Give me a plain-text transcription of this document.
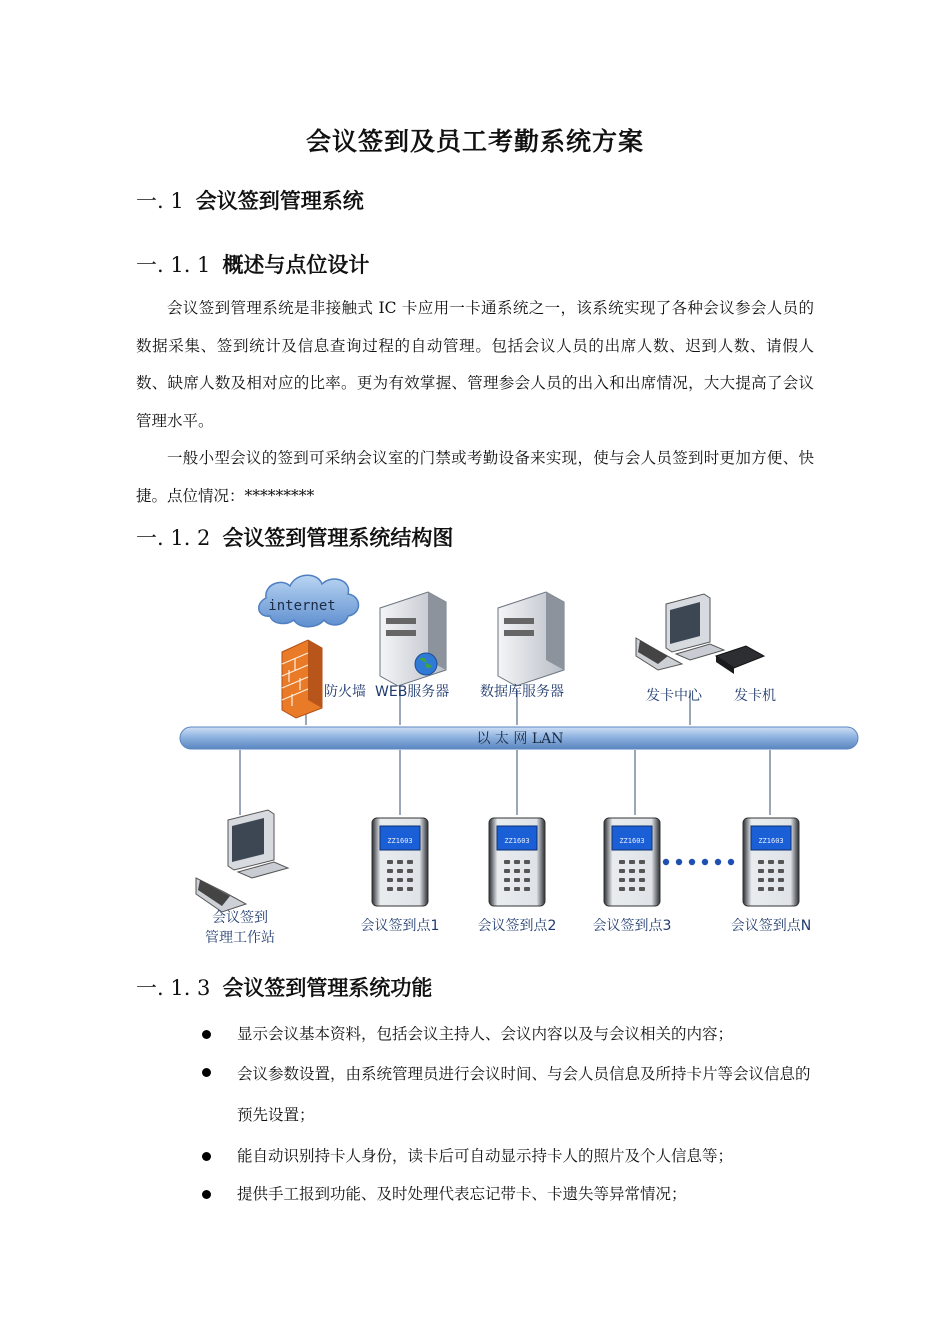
会议签到及员工考勤系统方案
一. 1 会议签到管理系统
一. 1. 1 概述与点位设计

会议签到管理系统是非接触式 IC 卡应用一卡通系统之一，该系统实现了各种会议参会人员的数据采集、签到统计及信息查询过程的自动管理。包括会议人员的出席人数、迟到人数、请假人数、缺席人数及相对应的比率。更为有效掌握、管理参会人员的出入和出席情况，大大提高了会议管理水平。

一般小型会议的签到可采纳会议室的门禁或考勤设备来实现，使与会人员签到时更加方便、快捷。点位情况：*********

一. 1. 2 会议签到管理系统结构图
internet
防火墙 WEB服务器 数据库服务器	发卡中心 发卡机
以 太 网 LAN
会议签到
管理工作站
ZZ1603	ZZ1603	ZZ1603	ZZ1603
会议签到点1	会议签到点2	会议签到点3	会议签到点N
一. 1. 3 会议签到管理系统功能
显示会议基本资料，包括会议主持人、会议内容以及与会议相关的内容；
会议参数设置，由系统管理员进行会议时间、与会人员信息及所持卡片等会议信息的预先设置；
能自动识别持卡人身份，读卡后可自动显示持卡人的照片及个人信息等；
提供手工报到功能、及时处理代表忘记带卡、卡遗失等异常情况；
